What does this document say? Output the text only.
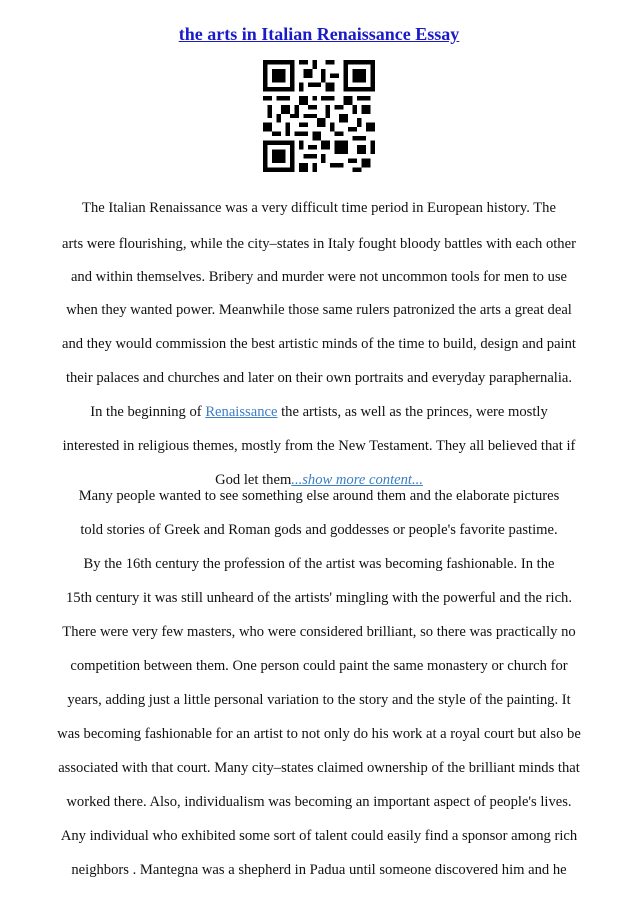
the arts in Italian Renaissance Essay
The Italian Renaissance was a very difficult time period in European history. The
arts were flourishing, while the city–states in Italy fought bloody battles with each other
and within themselves. Bribery and murder were not uncommon tools for men to use
when they wanted power. Meanwhile those same rulers patronized the arts a great deal
and they would commission the best artistic minds of the time to build, design and paint
their palaces and churches and later on their own portraits and everyday paraphernalia.
In the beginning of Renaissance the artists, as well as the princes, were mostly
interested in religious themes, mostly from the New Testament. They all believed that if
God let them...show more content...
Many people wanted to see something else around them and the elaborate pictures
told stories of Greek and Roman gods and goddesses or people's favorite pastime.
By the 16th century the profession of the artist was becoming fashionable. In the
15th century it was still unheard of the artists' mingling with the powerful and the rich.
There were very few masters, who were considered brilliant, so there was practically no
competition between them. One person could paint the same monastery or church for
years, adding just a little personal variation to the story and the style of the painting. It
was becoming fashionable for an artist to not only do his work at a royal court but also be
associated with that court. Many city–states claimed ownership of the brilliant minds that
worked there. Also, individualism was becoming an important aspect of people's lives.
Any individual who exhibited some sort of talent could easily find a sponsor among rich
neighbors . Mantegna was a shepherd in Padua until someone discovered him and he
